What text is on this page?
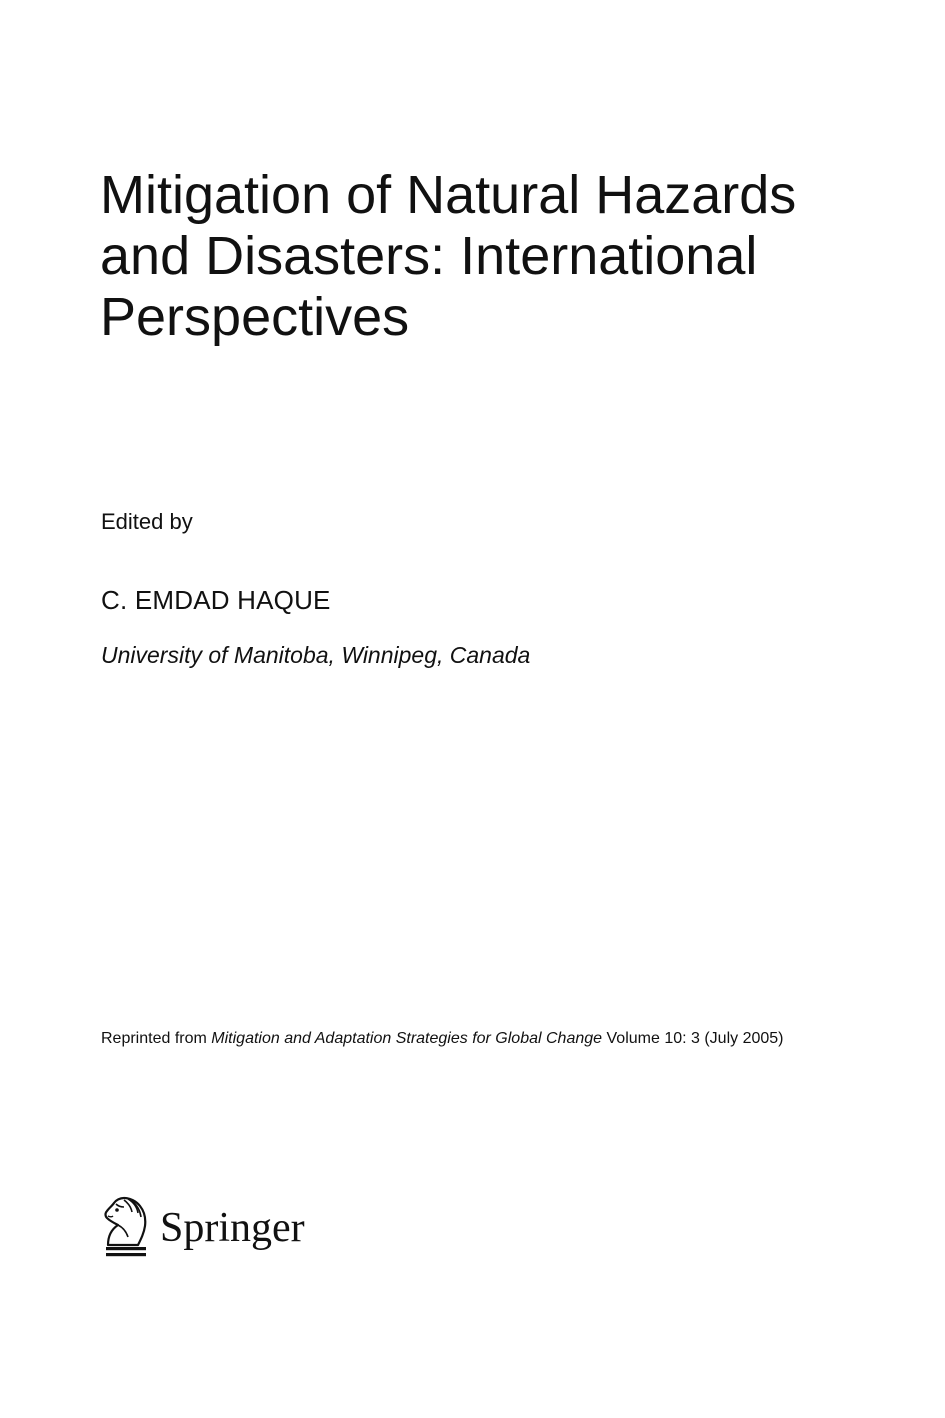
Mitigation of Natural Hazards
and Disasters: International
Perspectives
Edited by
C. EMDAD HAQUE
University of Manitoba, Winnipeg, Canada
Reprinted from Mitigation and Adaptation Strategies for Global Change Volume 10: 3 (July 2005)
Springer
